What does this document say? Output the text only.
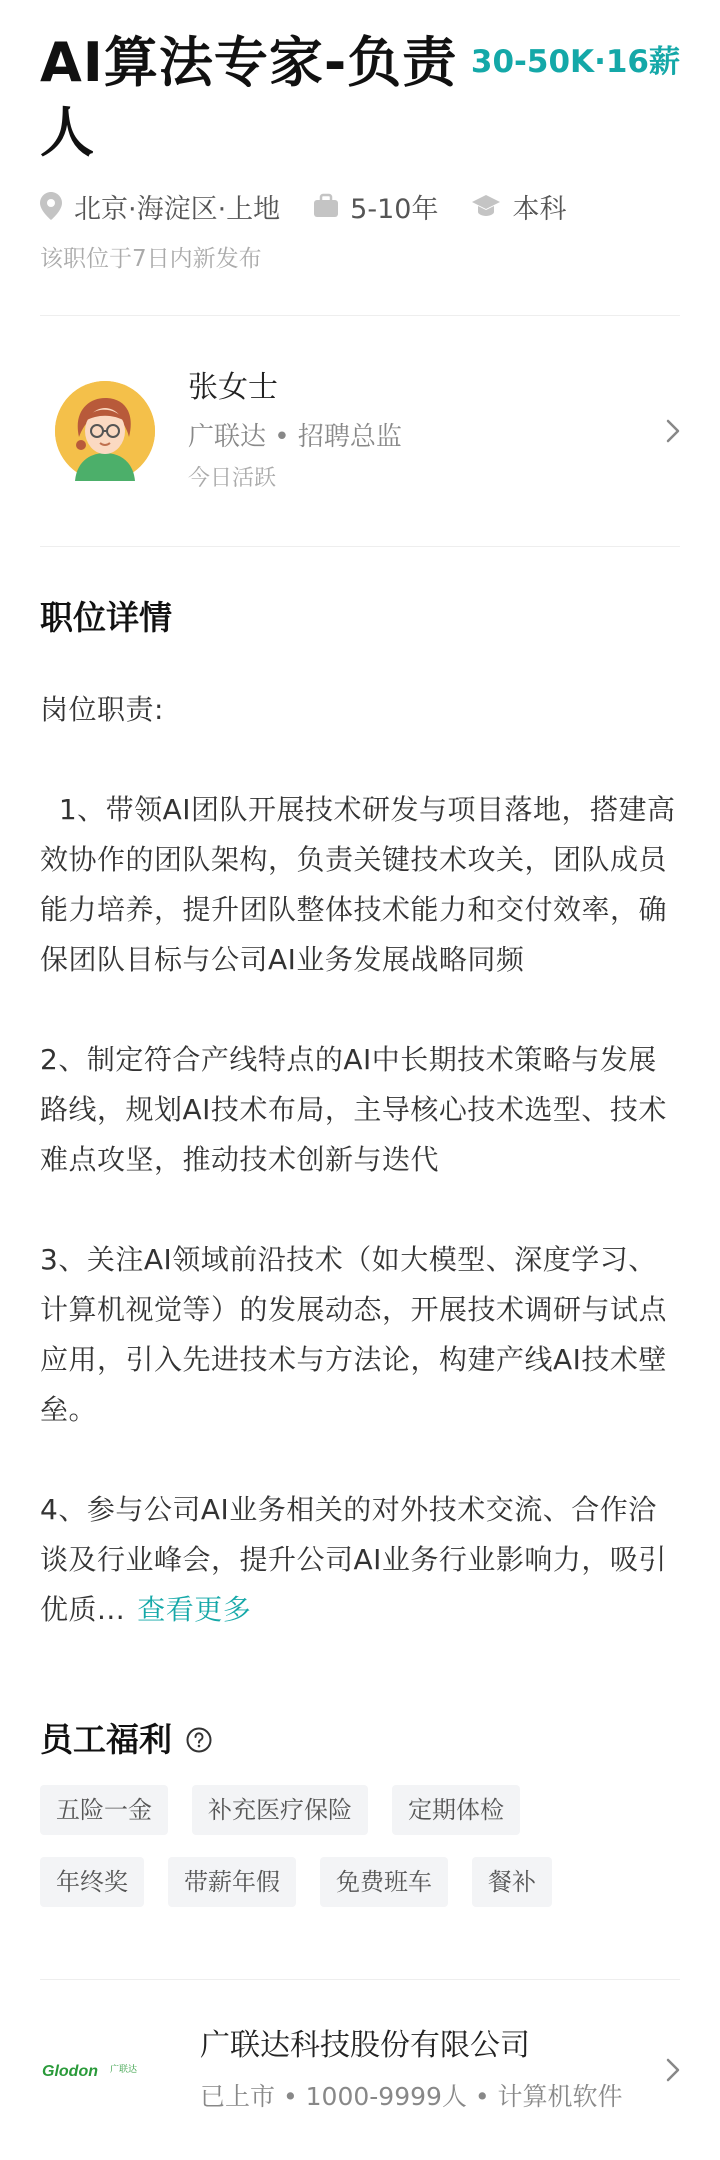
AI算法专家-负责人
30-50K·16薪
北京·海淀区·上地	5-10年	本科
该职位于7日内新发布
张女士
广联达 • 招聘总监
今日活跃
职位详情

岗位职责:

1、带领AI团队开展技术研发与项目落地，搭建高效协作的团队架构，负责关键技术攻关，团队成员能力培养，提升团队整体技术能力和交付效率，确保团队目标与公司AI业务发展战略同频

2、制定符合产线特点的AI中长期技术策略与发展路线，规划AI技术布局，主导核心技术选型、技术难点攻坚，推动技术创新与迭代

3、关注AI领域前沿技术（如大模型、深度学习、计算机视觉等）的发展动态，开展技术调研与试点应用，引入先进技术与方法论，构建产线AI技术壁垒。

4、参与公司AI业务相关的对外技术交流、合作洽谈及行业峰会，提升公司AI业务行业影响力，吸引优质... 查看更多

员工福利
五险一金	补充医疗保险	定期体检
年终奖	带薪年假	免费班车	餐补
Glodon 广联达
广联达科技股份有限公司
已上市 • 1000-9999人 • 计算机软件
